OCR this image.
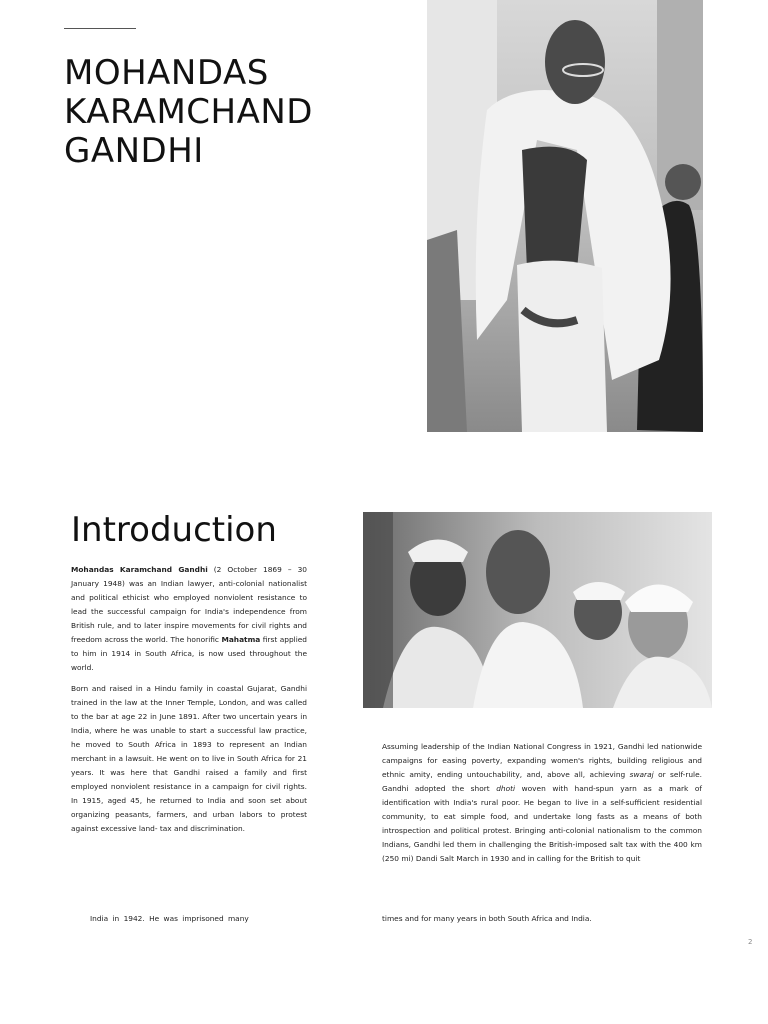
MOHANDAS
KARAMCHAND
GANDHI
Introduction

Mohandas Karamchand Gandhi (2 October 1869 – 30 January 1948) was an Indian lawyer, anti-colonial nationalist and political ethicist who employed nonviolent resistance to lead the successful campaign for India's independence from British rule, and to later inspire movements for civil rights and freedom across the world. The honorific Mahatma first applied to him in 1914 in South Africa, is now used throughout the world.

Born and raised in a Hindu family in coastal Gujarat, Gandhi trained in the law at the Inner Temple, London, and was called to the bar at age 22 in June 1891. After two uncertain years in India, where he was unable to start a successful law practice, he moved to South Africa in 1893 to represent an Indian merchant in a lawsuit. He went on to live in South Africa for 21 years. It was here that Gandhi raised a family and first employed nonviolent resistance in a campaign for civil rights. In 1915, aged 45, he returned to India and soon set about organizing peasants, farmers, and urban labors to protest against excessive land- tax and discrimination.

Assuming leadership of the Indian National Congress in 1921, Gandhi led nationwide campaigns for easing poverty, expanding women's rights, building religious and ethnic amity, ending untouchability, and, above all, achieving swaraj or self-rule. Gandhi adopted the short dhoti woven with hand-spun yarn as a mark of identification with India's rural poor. He began to live in a self-sufficient residential community, to eat simple food, and undertake long fasts as a means of both introspection and political protest. Bringing anti-colonial nationalism to the common Indians, Gandhi led them in challenging the British-imposed salt tax with the 400 km (250 mi) Dandi Salt March in 1930 and in calling for the British to quit

India in 1942. He was imprisoned many	times and for many years in both South Africa and India.
2
